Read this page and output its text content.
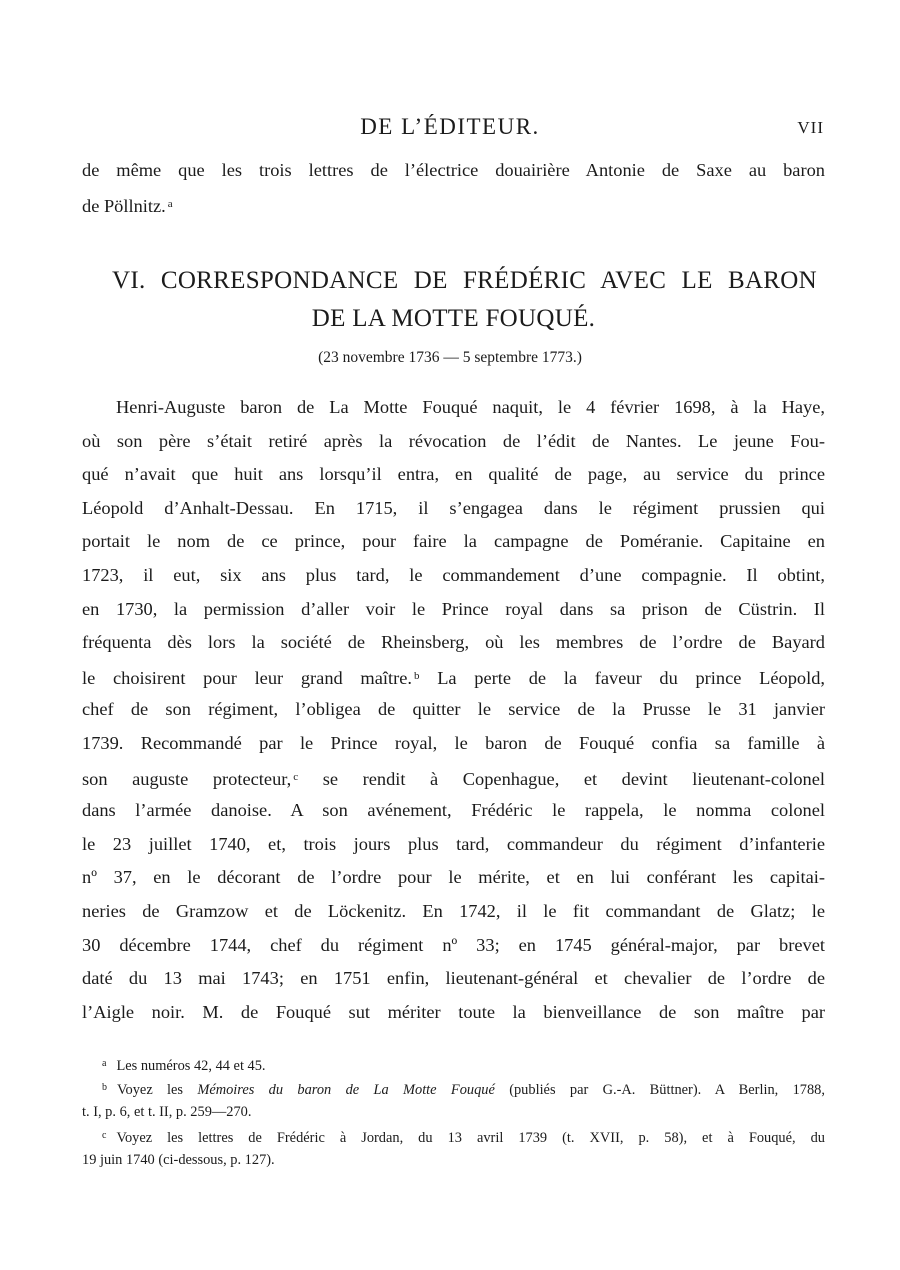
DE L’ÉDITEUR.	VII
de même que les trois lettres de l’électrice douairière Antonie de Saxe au baron
de Pöllnitz. $^a$
VI. CORRESPONDANCE DE FRÉDÉRIC AVEC LE BARON
DE LA MOTTE FOUQUÉ.
(23 novembre 1736 — 5 septembre 1773.)
Henri-Auguste baron de La Motte Fouqué naquit, le 4 février 1698, à la Haye,
où son père s’était retiré après la révocation de l’édit de Nantes. Le jeune Fou-
qué n’avait que huit ans lorsqu’il entra, en qualité de page, au service du prince
Léopold d’Anhalt-Dessau. En 1715, il s’engagea dans le régiment prussien qui
portait le nom de ce prince, pour faire la campagne de Poméranie. Capitaine en
1723, il eut, six ans plus tard, le commandement d’une compagnie. Il obtint,
en 1730, la permission d’aller voir le Prince royal dans sa prison de Cüstrin. Il
fréquenta dès lors la société de Rheinsberg, où les membres de l’ordre de Bayard
le choisirent pour leur grand maître. $^b$ La perte de la faveur du prince Léopold,
chef de son régiment, l’obligea de quitter le service de la Prusse le 31 janvier
1739. Recommandé par le Prince royal, le baron de Fouqué confia sa famille à
son auguste protecteur, $^c$ se rendit à Copenhague, et devint lieutenant-colonel
dans l’armée danoise. A son avénement, Frédéric le rappela, le nomma colonel
le 23 juillet 1740, et, trois jours plus tard, commandeur du régiment d’infanterie
nº 37, en le décorant de l’ordre pour le mérite, et en lui conférant les capitai-
neries de Gramzow et de Löckenitz. En 1742, il le fit commandant de Glatz; le
30 décembre 1744, chef du régiment nº 33; en 1745 général-major, par brevet
daté du 13 mai 1743; en 1751 enfin, lieutenant-général et chevalier de l’ordre de
l’Aigle noir. M. de Fouqué sut mériter toute la bienveillance de son maître par
$^a$ Les numéros 42, 44 et 45.
$^b$ Voyez les Mémoires du baron de La Motte Fouqué (publiés par G.-A. Büttner). A Berlin, 1788,
t. I, p. 6, et t. II, p. 259—270.
$^c$ Voyez les lettres de Frédéric à Jordan, du 13 avril 1739 (t. XVII, p. 58), et à Fouqué, du
19 juin 1740 (ci-dessous, p. 127).
